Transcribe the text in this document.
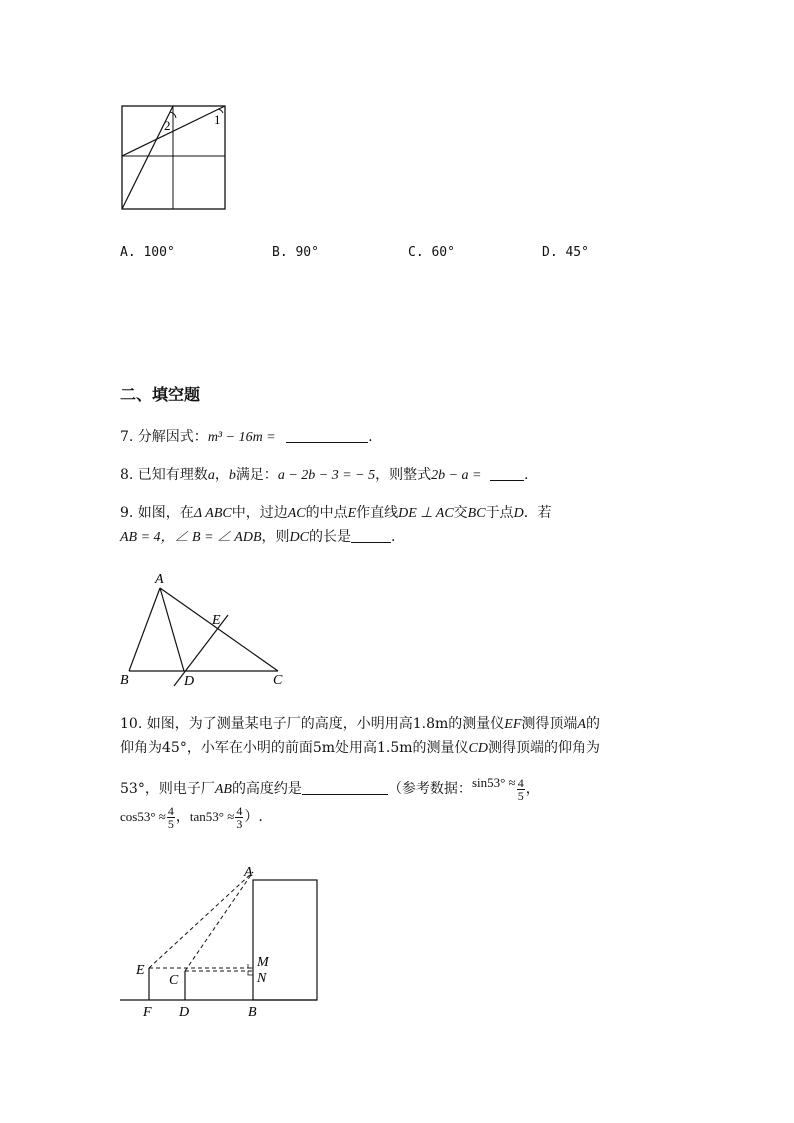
1
2
A. 100°	B. 90°	C. 60°	D. 45°
二、填空题
7. 分解因式：m³ − 16m =	.
8. 已知有理数a，b满足：a − 2b − 3 = − 5，则整式2b − a =	.
9. 如图，在Δ ABC中，过边AC的中点E作直线DE ⊥ AC交BC于点D．若
AB = 4，∠ B = ∠ ADB，则DC的长是	.
A
E
B	D	C
10. 如图，为了测量某电子厂的高度，小明用高1.8m的测量仪EF测得顶端A的
仰角为45°，小军在小明的前面5m处用高1.5m的测量仪CD测得顶端的仰角为
53°，则电子厂AB的高度约是	（参考数据：$\sin 53^\circ \approx \frac{4}{5}$ ，
$\cos 53^\circ \approx \frac{4}{5}$ ，$\tan 53^\circ \approx \frac{4}{3}$ ）.
A
M
N
E
C
F D	B
